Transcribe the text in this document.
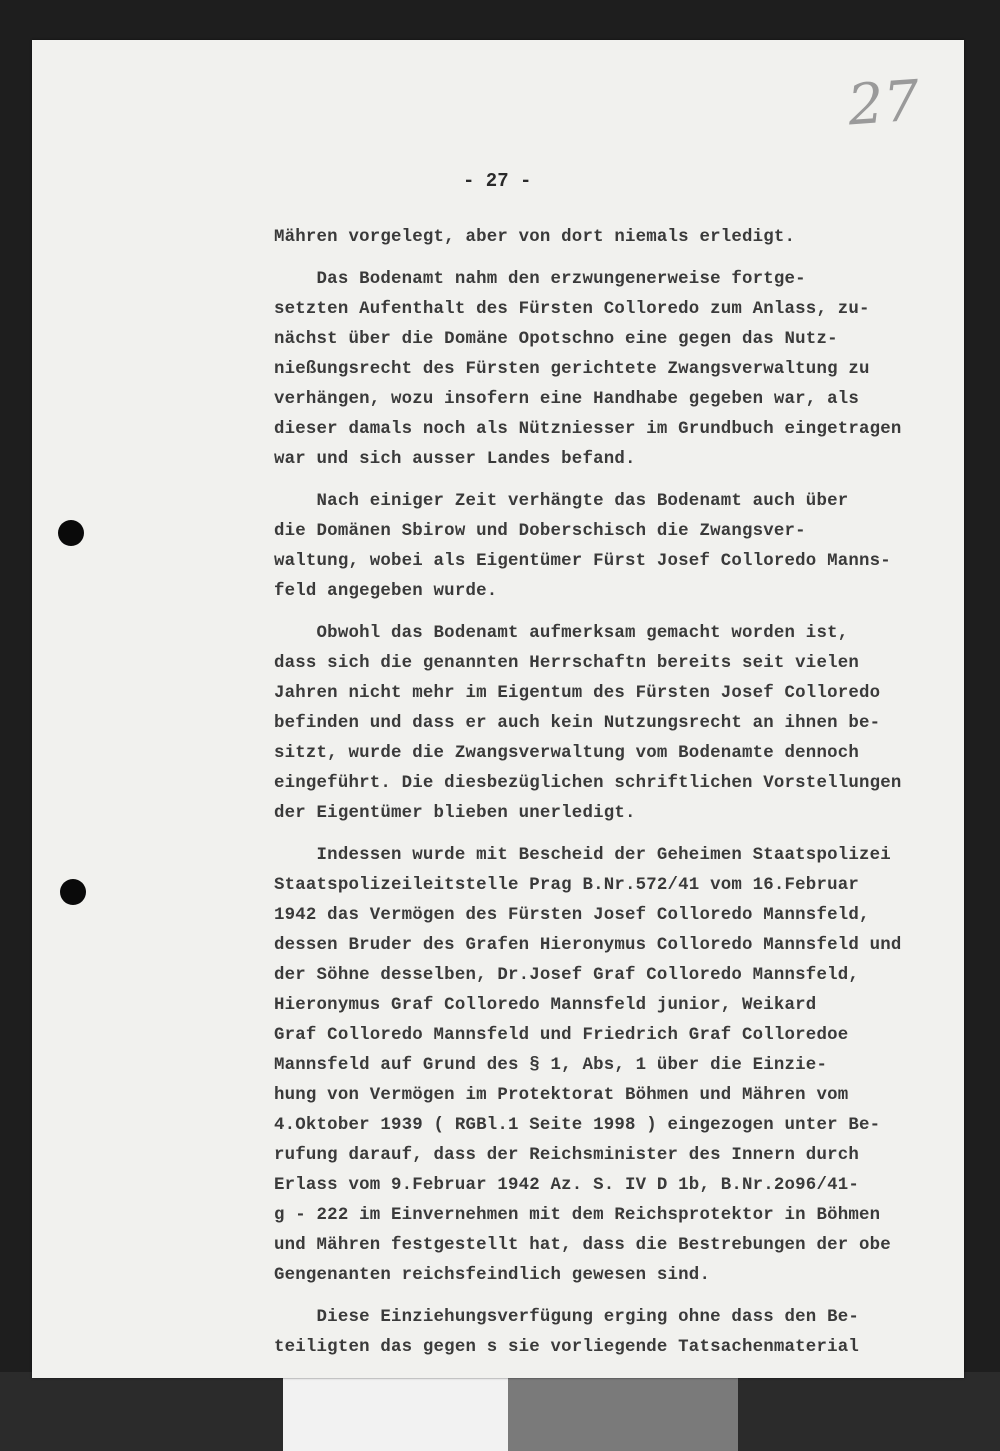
27
- 27 -
Mähren vorgelegt, aber von dort niemals erledigt.
Das Bodenamt nahm den erzwungenerweise fortge-
setzten Aufenthalt des Fürsten Colloredo zum Anlass, zu-
nächst über die Domäne Opotschno eine gegen das Nutz-
nießungsrecht des Fürsten gerichtete Zwangsverwaltung zu
verhängen, wozu insofern eine Handhabe gegeben war, als
dieser damals noch als Nützniesser im Grundbuch eingetragen
war und sich ausser Landes befand.
Nach einiger Zeit verhängte das Bodenamt auch über
die Domänen Sbirow und Doberschisch die Zwangsver-
waltung, wobei als Eigentümer Fürst Josef Colloredo Manns-
feld angegeben wurde.
Obwohl das Bodenamt aufmerksam gemacht worden ist,
dass sich die genannten Herrschaftn bereits seit vielen
Jahren nicht mehr im Eigentum des Fürsten Josef Colloredo
befinden und dass er auch kein Nutzungsrecht an ihnen be-
sitzt, wurde die Zwangsverwaltung vom Bodenamte dennoch
eingeführt. Die diesbezüglichen schriftlichen Vorstellungen
der Eigentümer blieben unerledigt.
Indessen wurde mit Bescheid der Geheimen Staatspolizei
Staatspolizeileitstelle Prag B.Nr.572/41 vom 16.Februar
1942 das Vermögen des Fürsten Josef Colloredo Mannsfeld,
dessen Bruder des Grafen Hieronymus Colloredo Mannsfeld und
der Söhne desselben, Dr.Josef Graf Colloredo Mannsfeld,
Hieronymus Graf Colloredo Mannsfeld junior, Weikard
Graf Colloredo Mannsfeld und Friedrich Graf Colloredoe
Mannsfeld auf Grund des § 1, Abs, 1 über die Einzie-
hung von Vermögen im Protektorat Böhmen und Mähren vom
4.Oktober 1939 ( RGBl.1 Seite 1998 ) eingezogen unter Be-
rufung darauf, dass der Reichsminister des Innern durch
Erlass vom 9.Februar 1942 Az. S. IV D 1b, B.Nr.2o96/41-
g - 222 im Einvernehmen mit dem Reichsprotektor in Böhmen
und Mähren festgestellt hat, dass die Bestrebungen der obe
Gengenanten reichsfeindlich gewesen sind.
Diese Einziehungsverfügung erging ohne dass den Be-
teiligten das gegen s sie vorliegende Tatsachenmaterial
